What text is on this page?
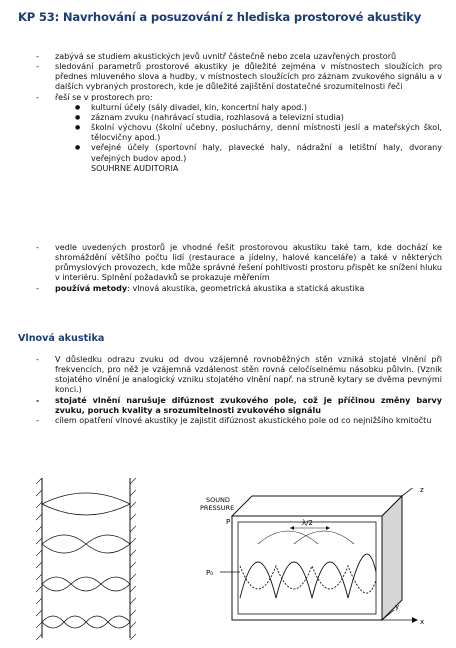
KP 53: Navrhování a posuzování z hlediska prostorové akustiky
- zabývá se studiem akustických jevů uvnitř částečně nebo zcela uzavřených prostorů
- sledování parametrů prostorové akustiky je důležité zejména v místnostech sloužících pro přednes mluveného slova a hudby, v místnostech sloužících pro záznam zvukového signálu a v dalších vybraných prostorech, kde je důležité zajištění dostatečné srozumitelnosti řeči
- řeší se v prostorech pro:
● kulturní účely (sály divadel, kin, koncertní haly apod.)
● záznam zvuku (nahrávací studia, rozhlasová a televizní studia)
● školní výchovu (školní učebny, posluchárny, denní místnosti jeslí a mateřských škol, tělocvičny apod.)
● veřejné účely (sportovní haly, plavecké haly, nádražní a letištní haly, dvorany veřejných budov apod.)
SOUHRNE AUDITORIA
- vedle uvedených prostorů je vhodné řešit prostorovou akustiku také tam, kde dochází ke shromáždění většího počtu lidí (restaurace a jídelny, halové kanceláře) a také v některých průmyslových provozech, kde může správné řešení pohltivosti prostoru přispět ke snížení hluku v interiéru. Splnění požadavků se prokazuje měřením
- používá metody: vlnová akustika, geometrická akustika a statická akustika
Vlnová akustika
- V důsledku odrazu zvuku od dvou vzájemně rovnoběžných stěn vzniká stojaté vlnění při frekvencích, pro něž je vzájemná vzdálenost stěn rovná celočíselnému násobku půlvln. (Vznik stojatého vlnění je analogický vzniku stojatého vlnění např. na struně kytary se dvěma pevnými konci.)
- stojaté vlnění narušuje difúznost zvukového pole, což je příčinou změny barvy zvuku, poruch kvality a srozumitelnosti zvukového signálu
- cílem opatření vlnové akustiky je zajistit difúznost akustického pole od co nejnižšího kmitočtu
SOUND
PRESSURE
P
P₀
λ/2
x
z
y
